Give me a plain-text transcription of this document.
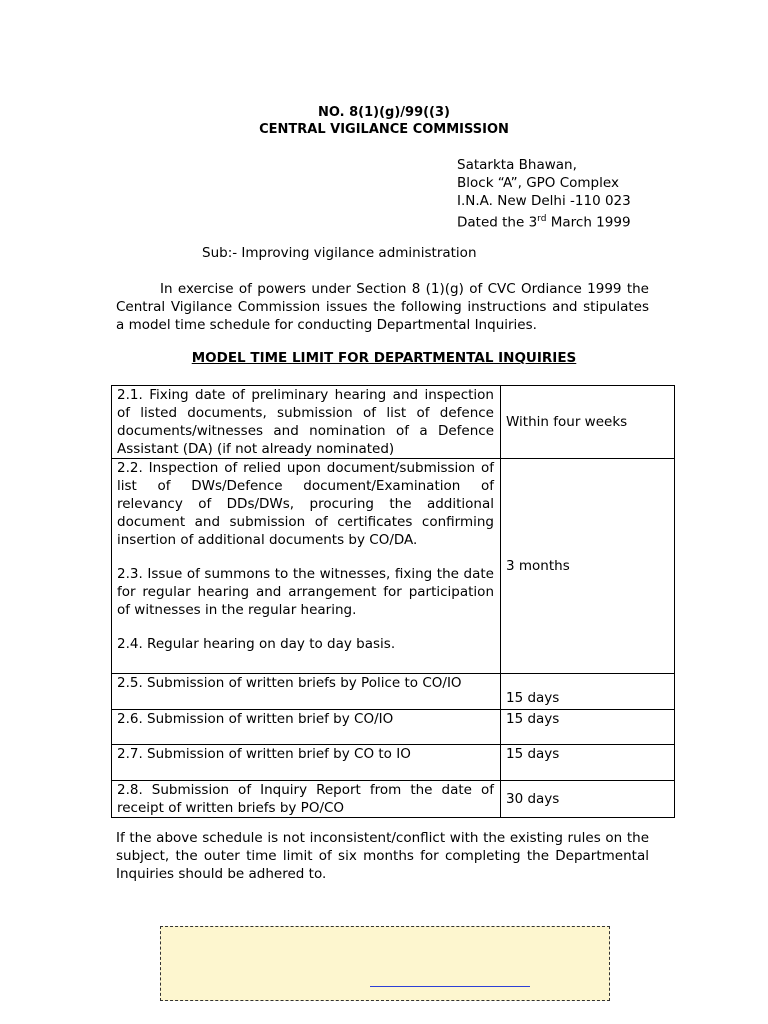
NO. 8(1)(g)/99((3)
CENTRAL VIGILANCE COMMISSION
Satarkta Bhawan,
Block “A”, GPO Complex
I.N.A. New Delhi -110 023
Dated the 3rd March 1999
Sub:- Improving vigilance administration
In exercise of powers under Section 8 (1)(g) of CVC Ordiance 1999 the Central Vigilance Commission issues the following instructions and stipulates a model time schedule for conducting Departmental Inquiries.
MODEL TIME LIMIT FOR DEPARTMENTAL INQUIRIES
2.1. Fixing date of preliminary hearing and inspection of listed documents, submission of list of defence documents/witnesses and nomination of a Defence Assistant (DA) (if not already nominated)	Within four weeks

2.2. Inspection of relied upon document/submission of list of DWs/Defence document/Examination of relevancy of DDs/DWs, procuring the additional document and submission of certificates confirming insertion of additional documents by CO/DA.
2.3. Issue of summons to the witnesses, fixing the date for regular hearing and arrangement for participation of witnesses in the regular hearing.
2.4. Regular hearing on day to day basis.	3 months
2.5. Submission of written briefs by Police to CO/IO	15 days
2.6. Submission of written brief by CO/IO	15 days
2.7. Submission of written brief by CO to IO	15 days
2.8. Submission of Inquiry Report from the date of receipt of written briefs by PO/CO	30 days
If the above schedule is not inconsistent/conflict with the existing rules on the subject, the outer time limit of six months for completing the Departmental Inquiries should be adhered to.
